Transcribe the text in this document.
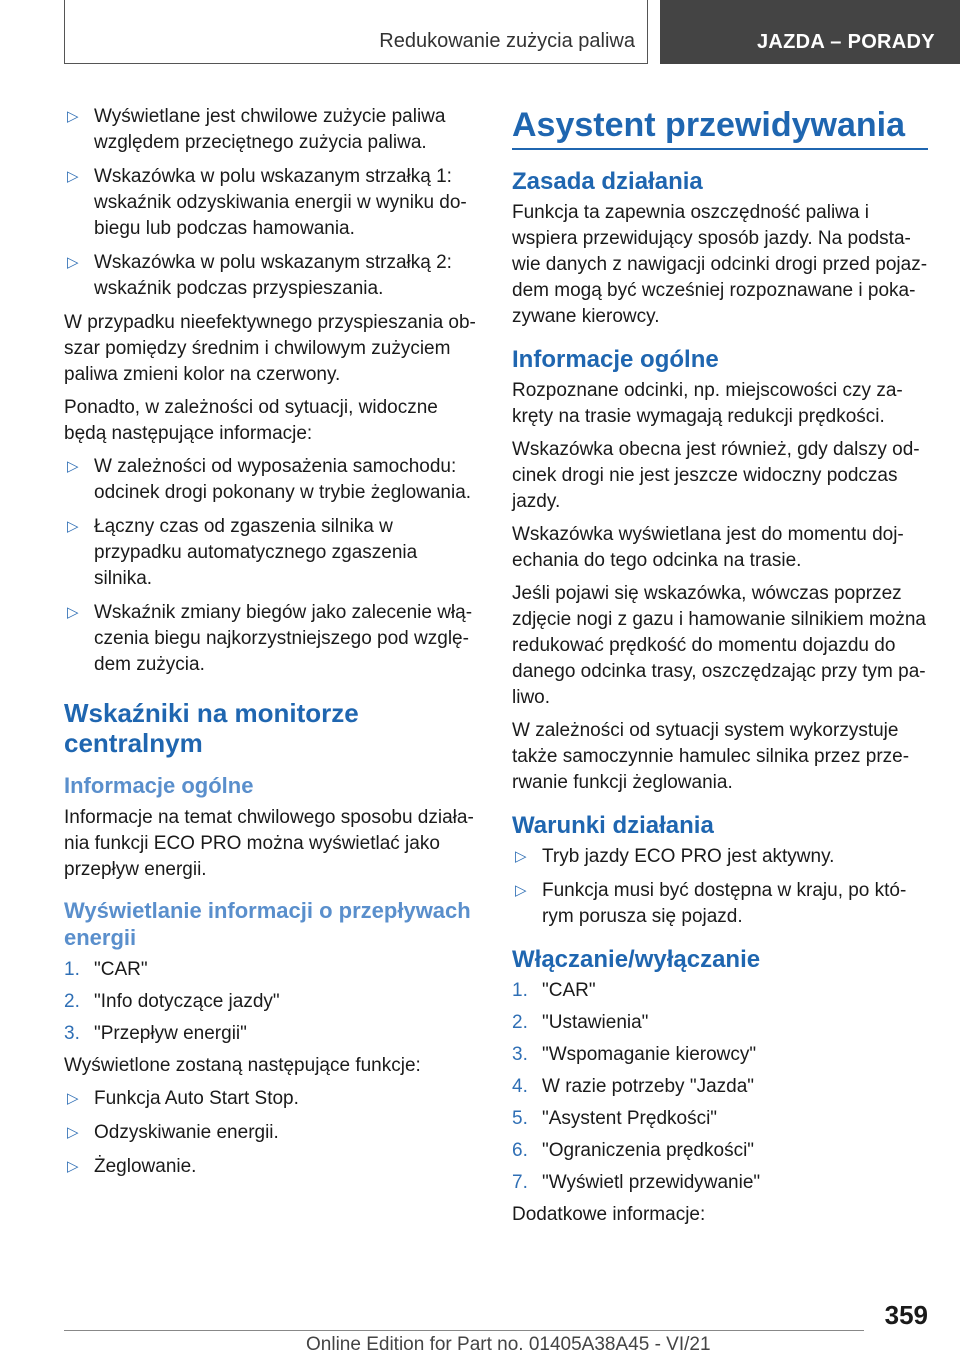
Redukowanie zużycia paliwa	JAZDA – PORADY
▷ Wyświetlane jest chwilowe zużycie paliwa względem przeciętnego zużycia paliwa.
▷ Wskazówka w polu wskazanym strzałką 1: wskaźnik odzyskiwania energii w wyniku do‐biegu lub podczas hamowania.
▷ Wskazówka w polu wskazanym strzałką 2: wskaźnik podczas przyspieszania.

W przypadku nieefektywnego przyspieszania ob‐szar pomiędzy średnim i chwilowym zużyciem paliwa zmieni kolor na czerwony.

Ponadto, w zależności od sytuacji, widoczne będą następujące informacje:

▷ W zależności od wyposażenia samochodu: odcinek drogi pokonany w trybie żeglowania.
▷ Łączny czas od zgaszenia silnika w przypadku automatycznego zgaszenia silnika.
▷ Wskaźnik zmiany biegów jako zalecenie włą‐czenia biegu najkorzystniejszego pod wzglę‐dem zużycia.
Wskaźniki na monitorze centralnym
Informacje ogólne

Informacje na temat chwilowego sposobu działa‐nia funkcji ECO PRO można wyświetlać jako przepływ energii.

Wyświetlanie informacji o przepływach energii
1. "CAR"
2. "Info dotyczące jazdy"
3. "Przepływ energii"

Wyświetlone zostaną następujące funkcje:

▷ Funkcja Auto Start Stop.
▷ Odzyskiwanie energii.
▷ Żeglowanie.
Asystent przewidywania
Zasada działania

Funkcja ta zapewnia oszczędność paliwa i wspiera przewidujący sposób jazdy. Na podsta‐wie danych z nawigacji odcinki drogi przed pojaz‐dem mogą być wcześniej rozpoznawane i poka‐zywane kierowcy.

Informacje ogólne

Rozpoznane odcinki, np. miejscowości czy za‐kręty na trasie wymagają redukcji prędkości.

Wskazówka obecna jest również, gdy dalszy od‐cinek drogi nie jest jeszcze widoczny podczas jazdy.

Wskazówka wyświetlana jest do momentu doj‐echania do tego odcinka na trasie.

Jeśli pojawi się wskazówka, wówczas poprzez zdjęcie nogi z gazu i hamowanie silnikiem można redukować prędkość do momentu dojazdu do danego odcinka trasy, oszczędzając przy tym pa‐liwo.

W zależności od sytuacji system wykorzystuje także samoczynnie hamulec silnika przez prze‐rwanie funkcji żeglowania.

Warunki działania
▷ Tryb jazdy ECO PRO jest aktywny.
▷ Funkcja musi być dostępna w kraju, po któ‐rym porusza się pojazd.
Włączanie/wyłączanie
1. "CAR"
2. "Ustawienia"
3. "Wspomaganie kierowcy"
4. W razie potrzeby "Jazda"
5. "Asystent Prędkości"
6. "Ograniczenia prędkości"
7. "Wyświetl przewidywanie"

Dodatkowe informacje:

359
Online Edition for Part no. 01405A38A45 - VI/21
